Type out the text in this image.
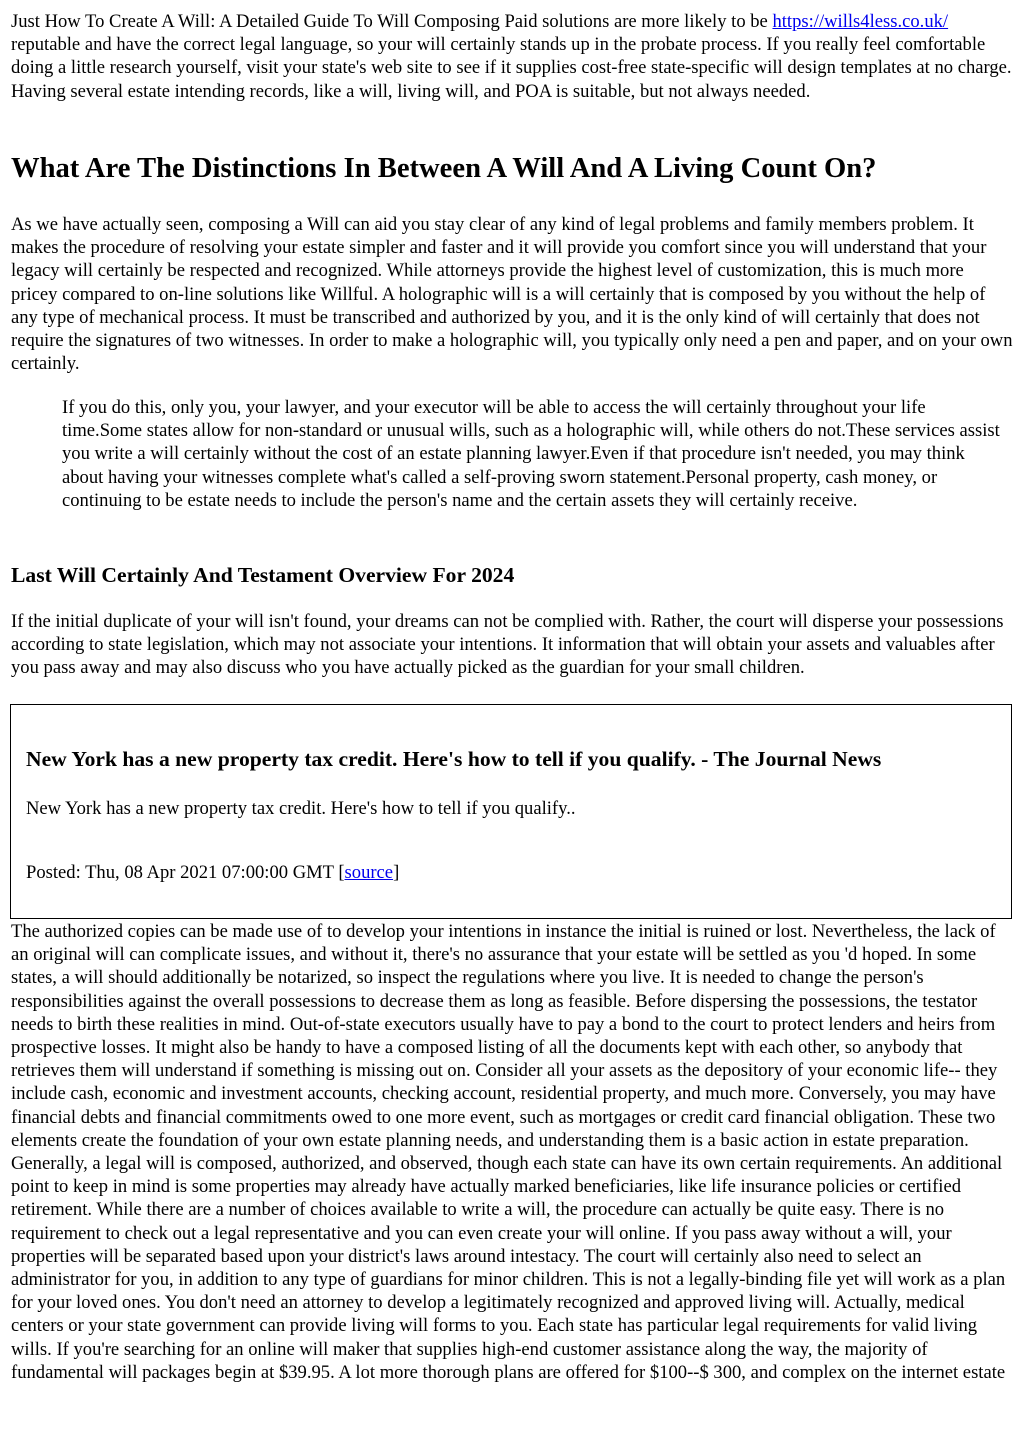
Just How To Create A Will: A Detailed Guide To Will Composing Paid solutions are more likely to be https://wills4less.co.uk/ reputable and have the correct legal language, so your will certainly stands up in the probate process. If you really feel comfortable doing a little research yourself, visit your state's web site to see if it supplies cost-free state-specific will design templates at no charge. Having several estate intending records, like a will, living will, and POA is suitable, but not always needed.

What Are The Distinctions In Between A Will And A Living Count On?

As we have actually seen, composing a Will can aid you stay clear of any kind of legal problems and family members problem. It makes the procedure of resolving your estate simpler and faster and it will provide you comfort since you will understand that your legacy will certainly be respected and recognized. While attorneys provide the highest level of customization, this is much more pricey compared to on-line solutions like Willful. A holographic will is a will certainly that is composed by you without the help of any type of mechanical process. It must be transcribed and authorized by you, and it is the only kind of will certainly that does not require the signatures of two witnesses. In order to make a holographic will, you typically only need a pen and paper, and on your own certainly.

If you do this, only you, your lawyer, and your executor will be able to access the will certainly throughout your life time.Some states allow for non-standard or unusual wills, such as a holographic will, while others do not.These services assist you write a will certainly without the cost of an estate planning lawyer.Even if that procedure isn't needed, you may think about having your witnesses complete what's called a self-proving sworn statement.Personal property, cash money, or continuing to be estate needs to include the person's name and the certain assets they will certainly receive.
Last Will Certainly And Testament Overview For 2024

If the initial duplicate of your will isn't found, your dreams can not be complied with. Rather, the court will disperse your possessions according to state legislation, which may not associate your intentions. It information that will obtain your assets and valuables after you pass away and may also discuss who you have actually picked as the guardian for your small children.

New York has a new property tax credit. Here's how to tell if you qualify. - The Journal News

New York has a new property tax credit. Here's how to tell if you qualify..

Posted: Thu, 08 Apr 2021 07:00:00 GMT [source]

The authorized copies can be made use of to develop your intentions in instance the initial is ruined or lost. Nevertheless, the lack of an original will can complicate issues, and without it, there's no assurance that your estate will be settled as you 'd hoped. In some states, a will should additionally be notarized, so inspect the regulations where you live. It is needed to change the person's responsibilities against the overall possessions to decrease them as long as feasible. Before dispersing the possessions, the testator needs to birth these realities in mind. Out-of-state executors usually have to pay a bond to the court to protect lenders and heirs from prospective losses. It might also be handy to have a composed listing of all the documents kept with each other, so anybody that retrieves them will understand if something is missing out on. Consider all your assets as the depository of your economic life-- they include cash, economic and investment accounts, checking account, residential property, and much more. Conversely, you may have financial debts and financial commitments owed to one more event, such as mortgages or credit card financial obligation. These two elements create the foundation of your own estate planning needs, and understanding them is a basic action in estate preparation. Generally, a legal will is composed, authorized, and observed, though each state can have its own certain requirements. An additional point to keep in mind is some properties may already have actually marked beneficiaries, like life insurance policies or certified retirement. While there are a number of choices available to write a will, the procedure can actually be quite easy. There is no requirement to check out a legal representative and you can even create your will online. If you pass away without a will, your properties will be separated based upon your district's laws around intestacy. The court will certainly also need to select an administrator for you, in addition to any type of guardians for minor children. This is not a legally-binding file yet will work as a plan for your loved ones. You don't need an attorney to develop a legitimately recognized and approved living will. Actually, medical centers or your state government can provide living will forms to you. Each state has particular legal requirements for valid living wills. If you're searching for an online will maker that supplies high-end customer assistance along the way, the majority of fundamental will packages begin at $39.95. A lot more thorough plans are offered for $100--$ 300, and complex on the internet estate
